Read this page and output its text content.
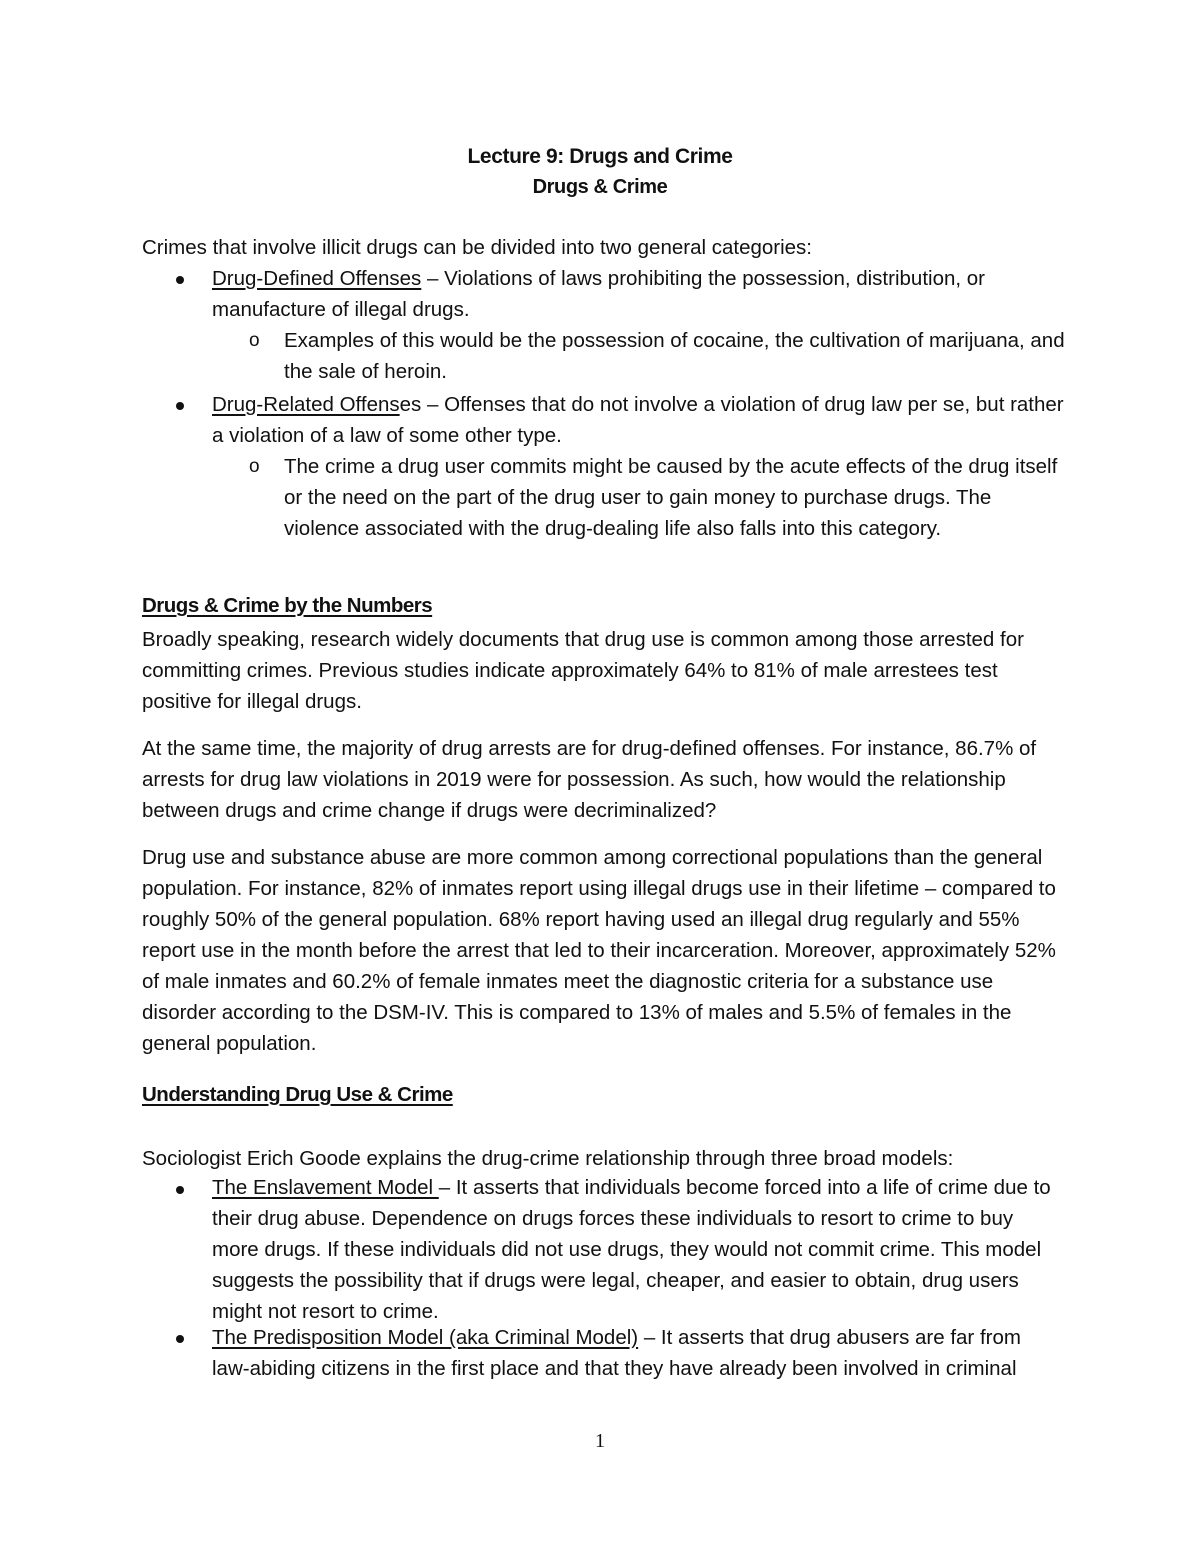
Lecture 9: Drugs and Crime
Drugs & Crime
Crimes that involve illicit drugs can be divided into two general categories:
Drug-Defined Offenses – Violations of laws prohibiting the possession, distribution, or manufacture of illegal drugs.
o Examples of this would be the possession of cocaine, the cultivation of marijuana, and the sale of heroin.
Drug-Related Offenses – Offenses that do not involve a violation of drug law per se, but rather a violation of a law of some other type.
o The crime a drug user commits might be caused by the acute effects of the drug itself or the need on the part of the drug user to gain money to purchase drugs. The violence associated with the drug-dealing life also falls into this category.
Drugs & Crime by the Numbers
Broadly speaking, research widely documents that drug use is common among those arrested for committing crimes. Previous studies indicate approximately 64% to 81% of male arrestees test positive for illegal drugs.
At the same time, the majority of drug arrests are for drug-defined offenses. For instance, 86.7% of arrests for drug law violations in 2019 were for possession. As such, how would the relationship between drugs and crime change if drugs were decriminalized?
Drug use and substance abuse are more common among correctional populations than the general population. For instance, 82% of inmates report using illegal drugs use in their lifetime – compared to roughly 50% of the general population. 68% report having used an illegal drug regularly and 55% report use in the month before the arrest that led to their incarceration. Moreover, approximately 52% of male inmates and 60.2% of female inmates meet the diagnostic criteria for a substance use disorder according to the DSM-IV. This is compared to 13% of males and 5.5% of females in the general population.
Understanding Drug Use & Crime
Sociologist Erich Goode explains the drug-crime relationship through three broad models:
The Enslavement Model – It asserts that individuals become forced into a life of crime due to their drug abuse. Dependence on drugs forces these individuals to resort to crime to buy more drugs. If these individuals did not use drugs, they would not commit crime. This model suggests the possibility that if drugs were legal, cheaper, and easier to obtain, drug users might not resort to crime.
The Predisposition Model (aka Criminal Model) – It asserts that drug abusers are far from law-abiding citizens in the first place and that they have already been involved in criminal
1
